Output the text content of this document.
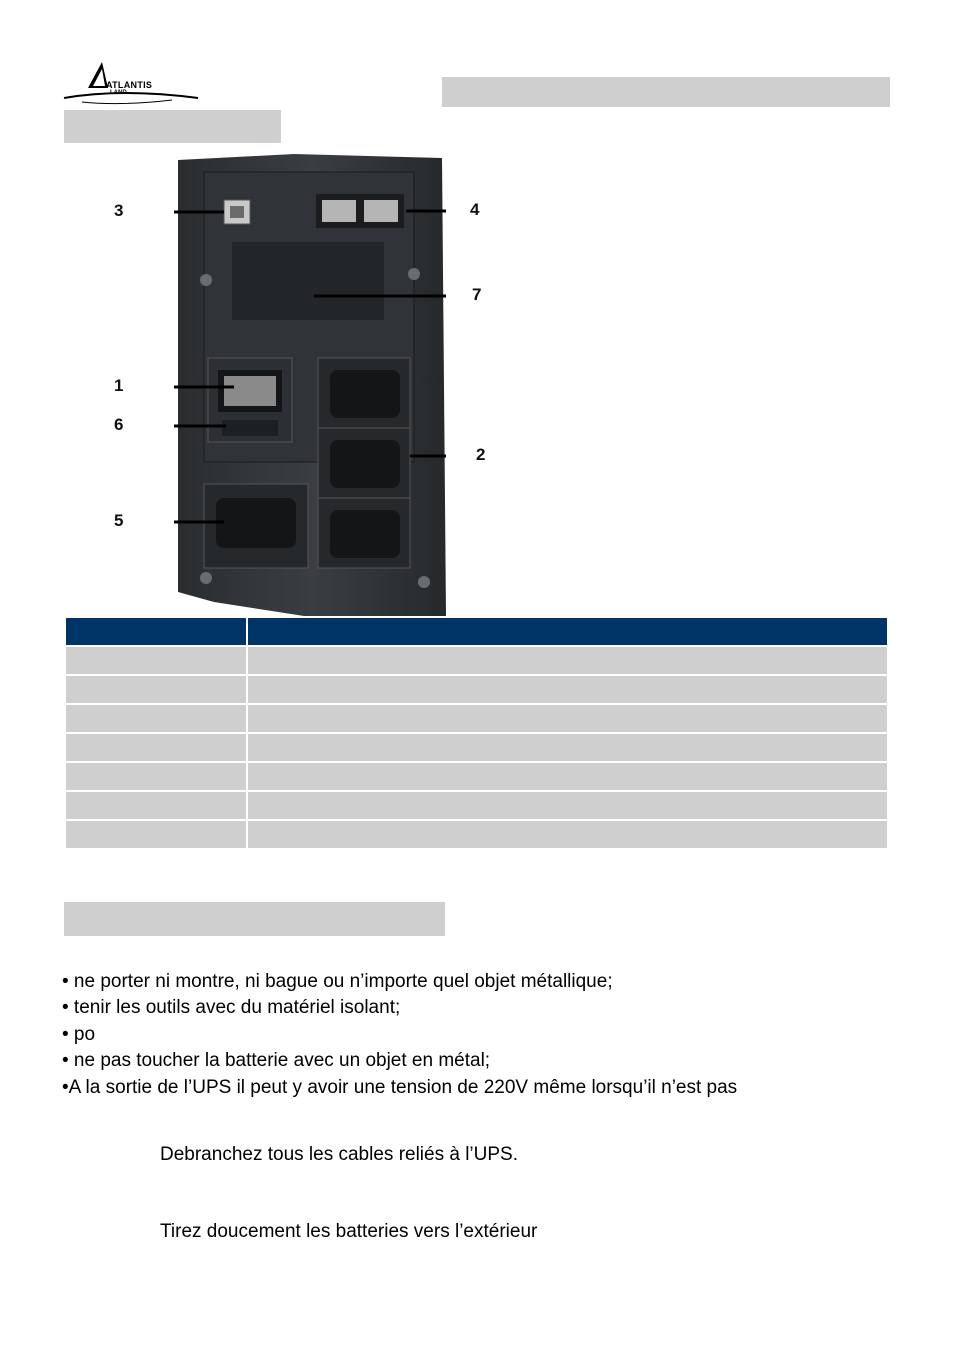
ATLANTIS
LAND
3	4
7
1
6
2
5
• ne porter ni montre, ni bague ou n’importe quel objet métallique;
• tenir les outils avec du matériel isolant;
• po
• ne pas toucher la batterie avec un objet en métal;
•A la sortie de l’UPS il peut y avoir une tension de 220V même lorsqu’il n’est pas
Debranchez tous les cables reliés à l’UPS.
Tirez doucement les batteries vers l’extérieur
